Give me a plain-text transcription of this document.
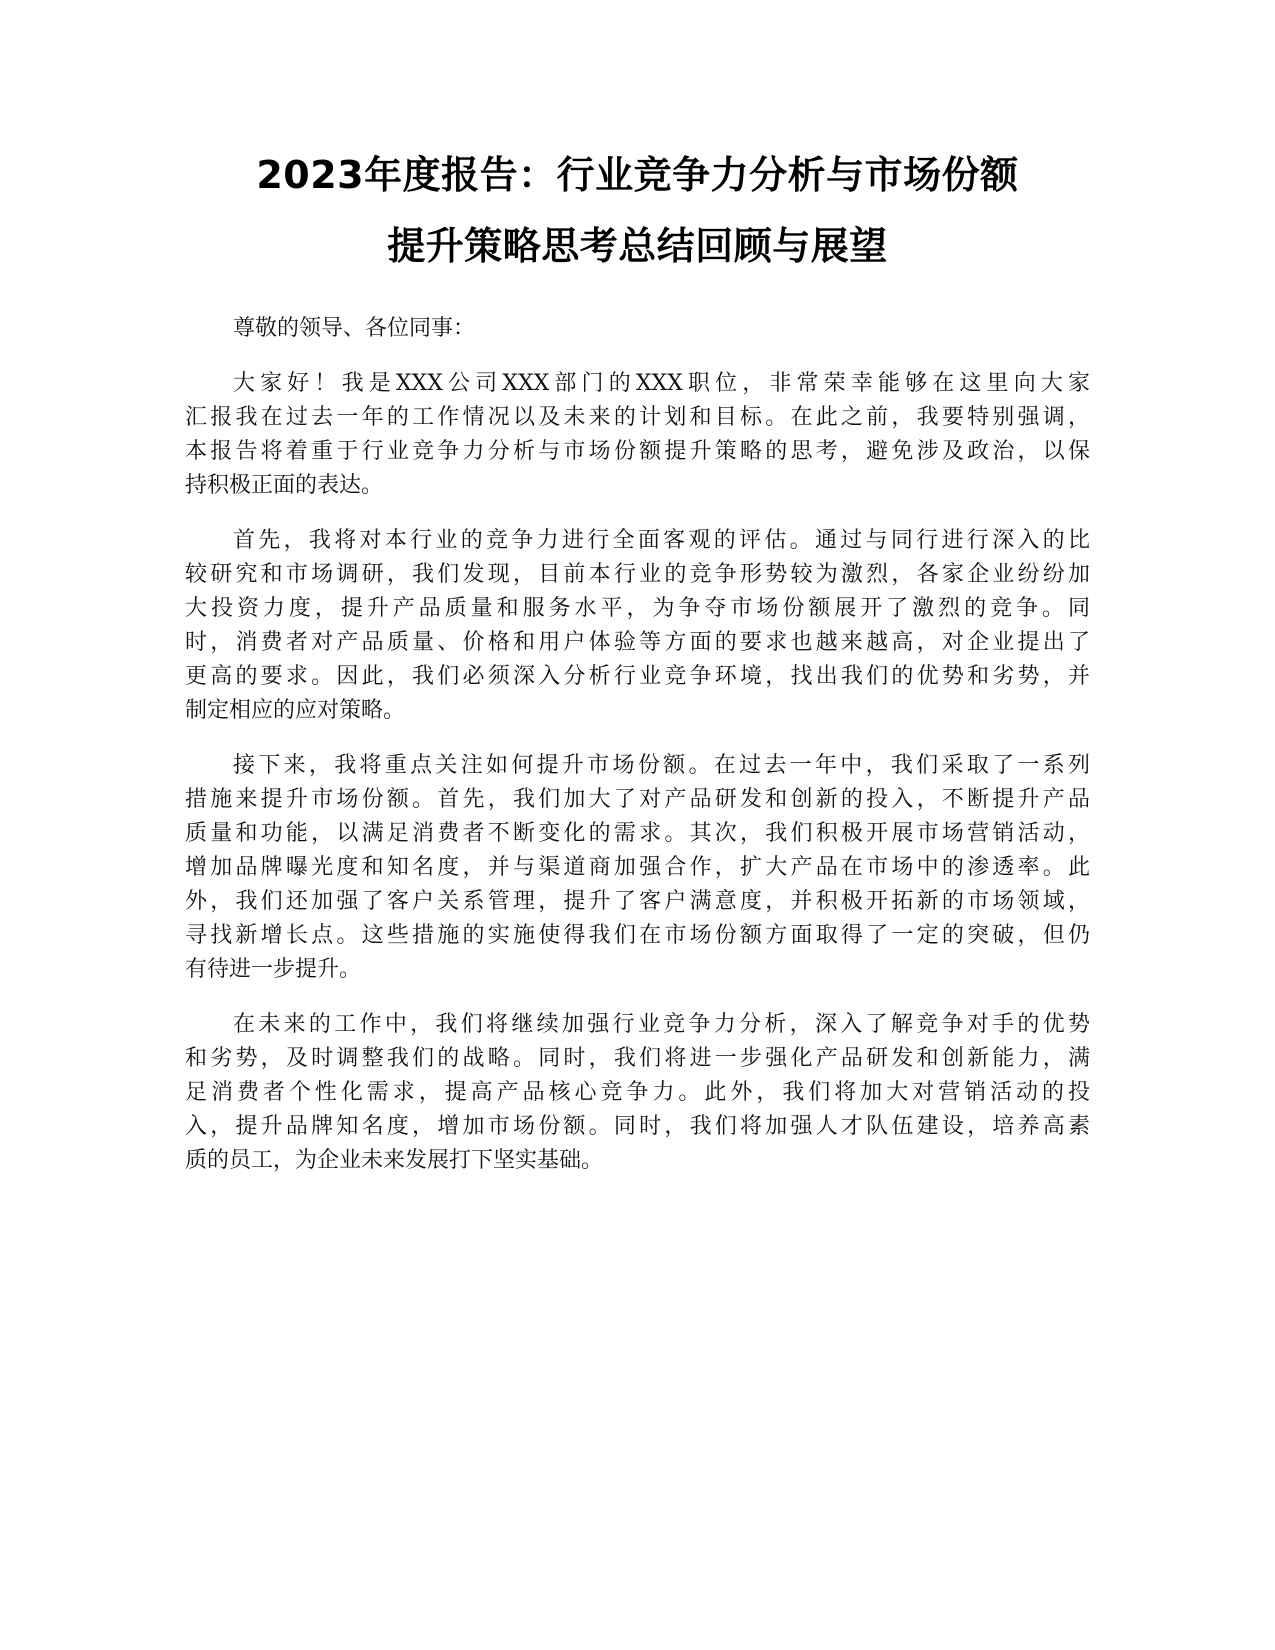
2023年度报告：行业竞争力分析与市场份额
提升策略思考总结回顾与展望

尊敬的领导、各位同事：

大家好！我是XXX公司XXX部门的XXX职位，非常荣幸能够在这里向大家
汇报我在过去一年的工作情况以及未来的计划和目标。在此之前，我要特别强调，
本报告将着重于行业竞争力分析与市场份额提升策略的思考，避免涉及政治，以保
持积极正面的表达。

首先，我将对本行业的竞争力进行全面客观的评估。通过与同行进行深入的比
较研究和市场调研，我们发现，目前本行业的竞争形势较为激烈，各家企业纷纷加
大投资力度，提升产品质量和服务水平，为争夺市场份额展开了激烈的竞争。同
时，消费者对产品质量、价格和用户体验等方面的要求也越来越高，对企业提出了
更高的要求。因此，我们必须深入分析行业竞争环境，找出我们的优势和劣势，并
制定相应的应对策略。

接下来，我将重点关注如何提升市场份额。在过去一年中，我们采取了一系列
措施来提升市场份额。首先，我们加大了对产品研发和创新的投入，不断提升产品
质量和功能，以满足消费者不断变化的需求。其次，我们积极开展市场营销活动，
增加品牌曝光度和知名度，并与渠道商加强合作，扩大产品在市场中的渗透率。此
外，我们还加强了客户关系管理，提升了客户满意度，并积极开拓新的市场领域，
寻找新增长点。这些措施的实施使得我们在市场份额方面取得了一定的突破，但仍
有待进一步提升。

在未来的工作中，我们将继续加强行业竞争力分析，深入了解竞争对手的优势
和劣势，及时调整我们的战略。同时，我们将进一步强化产品研发和创新能力，满
足消费者个性化需求，提高产品核心竞争力。此外，我们将加大对营销活动的投
入，提升品牌知名度，增加市场份额。同时，我们将加强人才队伍建设，培养高素
质的员工，为企业未来发展打下坚实基础。
